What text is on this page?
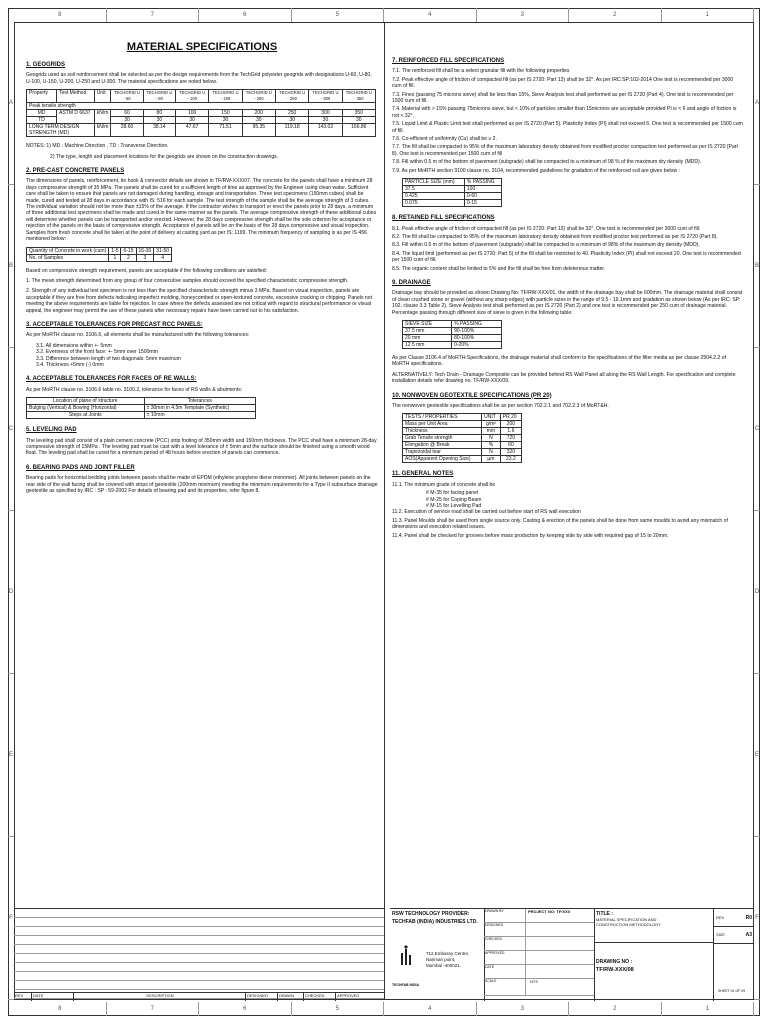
8	7	6	5	4	3	2	1
8	7	6	5	4	3	2	1
A
B
C
D
E
F
A
B
C
D
E
F
MATERIAL SPECIFICATIONS
1. GEOGRIDS

Geogrids used as soil reinforcement shall be selected as per the design requirements from the TechGrid polyester geogrids with designations U-60, U-80, U-100, U-150, U-200, U-250 and U-300. The material specifications are noted below.

Property	Test Method	Unit	TECHGRID U - 60	TECHGRID U - 80	TECHGRID U - 100	TECHGRID U - 150	TECHGRID U - 200	TECHGRID U - 250	TECHGRID U - 300	TECHGRID U - 350
Peak tensile strength										
MD	ASTM D 6637	kN/m	60	80	100	150	200	250	300	350
TD			30	30	30	30	30	30	30	30
LONG TERM DESIGN STRENGTH (MD)		kN/m	28.60	38.14	47.67	71.51	95.35	119.18	143.02	166.86

NOTES: 1) MD : Machine Direction , TD : Transverse Direction.

2) The type, length and placement locations for the geogrids are shown on the construction drawings.

2. PRE-CAST CONCRETE PANELS

The dimensions of panels, reinforcement, tie hook & connector details are shown in TF/RW-XXX/07. The concrete for the panels shall have a minimum 28 days compressive strength of 35 MPa. The panels shall be cured for a sufficient length of time as approved by the Engineer using clean water. Sufficient care shall be taken to ensure that panels are not damaged during handling, storage and transportation. Three test specimens (150mm cubes) shall be made, cured and tested at 28 days in accordance with IS: 516 for each sample. The test strength of the sample shall be the average strength of 3 cubes. The individual variation should not be more than ±15% of the average. If the contractor wishes to transport or erect the panels prior to 28 days, a minimum of three additional test specimens shall be made and cured in the same manner as the panels. The average compressive strength of these additional cubes will determine whether panels can be transported and/or erected. However, the 28 days compressive strength shall be the sole criterion for acceptance or rejection of the panels on the basis of compressive strength. Acceptance of panels will be on the basis of the 28 days compressive and visual inspection. Samples from fresh concrete shall be taken at the point of delivery at casting yard as per IS: 1199. The minimum frequency of sampling is as per IS 456 mentioned below:

Quantity of Concrete in work (cum)	1-5	6-15	16-30	31-50
No. of Samples	1	2	3	4

Based on compressive strength requirement, panels are acceptable if the following conditions are satisfied:

1. The mean strength determined from any group of four consecutive samples should exceed the specified characteristic compressive strength.

2. Strength of any individual test specimen is not less than the specified characteristic strength minus 3 MPa. Based on visual inspection, panels are acceptable if they are free from defects indicating imperfect molding, honeycombed or open-textured concrete, excessive cracking or chipping. Panels not meeting the above requirements are liable for rejection. In case where the defects assessed are not critical with regard to structural performance or visual appeal, the engineer may permit the use of these panels after necessary repairs have been carried out to his satisfaction.

3. ACCEPTABLE TOLERANCES FOR PRECAST RCC PANELS:

As per MoRTH clause no. 3106.6, all elements shall be manufactured with the following tolerances:

3.1. All dimensions within +- 5mm

3.2. Evenness of the front face: +- 5mm over 1500mm

3.3. Difference between length of two diagonals: 5mm maximum

3.4. Thickness +5mm (-) 0mm

4. ACCEPTABLE TOLERANCES FOR FACES OF RE WALLS:

As per MoRTH clause no. 3106.6 table no. 3100.2, tolerance for faces of RS walls & abutments:

Location of plane of structure	Tolerances
Bulging (Vertical) & Bowing (Horizontal)	± 30mm in 4.5m Template (Synthetic)
Steps at Joints	± 10mm
5. LEVELING PAD

The leveling pad shall consist of a plain cement concrete (PCC) strip footing of 350mm width and 150mm thickness. The PCC shall have a minimum 28-day compressive strength of 15MPa . The leveling pad must be cast with a level tolerance of ± 5mm and the surface should be finished using a smooth wood float. The leveling pad shall be cured for a minimum period of 48 hours before erection of panels can commence.

6. BEARING PADS AND JOINT FILLER

Bearing pads for horizontal bedding joints between panels shall be made of EPDM (ethylene propylene diene monomer). All joints between panels on the rear side of the wall facing shall be covered with strips of geotextile (200mm minimum) meeting the minimum requirements for a Type II subsurface drainage geotextile as specified by IRC : SP : 59-2002 For details of bearing pad and its properties, refer figure 8.

7. REINFORCED FILL SPECIFICATIONS

7.1. The reinforced fill shall be a select granular fill with the following properties

7.2. Peak effective angle of friction of compacted fill (as per IS 2720: Part 13) shall be 32°. As per IRC:SP:102-2014 One test is recommended per 3000 cum of fill.

7.3. Fines (passing 75 microns sieve) shall be less than 15%, Sieve Analysis test shall performed as per IS 2720 (Part 4). One test is recommended per 1500 cum of fill.

7.4. Material with > 15% passing 75microns sieve, but < 10% of particles smaller than 15microns are acceptable provided PI is < 6 and angle of friction is not < 32°.

7.5. Liquid Limit & Plastic Limit test shall performed as per IS 2720 (Part 5). Plasticity Index (PI) shall not exceed 6. One test is recommended per 1500 cum of fill.

7.6. Co-efficient of uniformity (Cu) shall be ≥ 2.

7.7. The fill shall be compacted to 95% of the maximum laboratory density obtained from modified proctor compaction test performed as per IS 2720 (Part 8). One test is recommended per 1500 cum of fill

7.8. Fill within 0.5 m of the bottom of pavement (subgrade) shall be compacted to a minimum of 98 % of the maximum dry density (MDD).

7.9. As per MoRTH section 3100 clause no. 3104, recommended guidelines for gradation of the reinforced soil are given below :

PARTICLE SIZE (mm)	% PASSING
37.5	100
0.425	0-60
0.075	0-15
8. RETAINED FILL SPECIFICATIONS

8.1. Peak effective angle of friction of compacted fill (as per IS 2720: Part 13) shall be 32°. One test is recommended per 3000 cum of fill.

8.2. The fill shall be compacted to 95% of the maximum laboratory density obtained from modified proctor test performed as per IS 2720 (Part 8).

8.3. Fill within 0.5 m of the bottom of pavement (subgrade) shall be compacted to a minimum of 98% of the maximum dry density (MDD).

8.4. The liquid limit (performed as per IS 2720: Part 5) of the fill shall be restricted to 40. Plasticity Index (PI) shall not exceed 20. One test is recommended per 1500 cum of fill.

8.5. The organic content shall be limited to 5% and the fill shall be free from deleterious matter.

9. DRAINAGE

Drainage bay should be provided as shown Drawing No: TF/RW-XXX/01. the width of the drainage bay shall be 600mm. The drainage material shall consist of clean crushed stone or gravel (without any sharp edges) with particle sizes in the range of 9.5 - 19.1mm and gradation as shown below (As per IRC: SP: 102, clause 3.3 Table 2). Sieve Analysis test shall performed as per IS 2720 (Part 2) and one test is recommended per 250 cum of drainage material. Percentage passing through different size of sieve is given in the following table:

SIEVE SIZE	% PASSING
37.5 mm	90-100%
20 mm	80-100%
12.5 mm	0-20%

As per Clause 3106.4 of MoRTH Specifications, the drainage material shall conform to the specifications of the filter media as per clause 2504.2.2 of MoRTH specifications.

ALTERNATIVELY: Tech Drain - Drainage Composite can be provided behind RS Wall Panel all along the RS Wall Length. For specification and complete installation details refer drawing no. TF/RW-XXX/09.

10. NONWOVEN GEOTEXTILE SPECIFICATIONS (PR 20)

The nonwoven geotextile specifications shall be as per section 702.2.1 and 702.2.3 of MoRT&H.

TESTS / PROPERTIES	UNIT	PR 20
Mass per Unit Area	g/m²	200
Thickness	mm	1.6
Grab Tensile strength	N	720
Elongation @ Break	%	60
Trapezoidal tear	N	320
AOS(Apparent Opening Size)	µm	23.2
11. GENERAL NOTES

11.1. The minimum grade of concrete shall be

# M-35 for facing panel

# M-25 for Coping Beam

# M-15 for Levelling Pad

11.2. Execution of service road shall be carried out before start of RS wall execution

11.3. Panel Moulds shall be used from single source only. Casting & erection of the panels shall be done from same moulds to avoid any mismatch of dimensions and execution related issues.

11.4. Panel shall be checked for grooves before mass production by keeping side by side with required gap of 15 to 20mm.

REV	DATE	DESCRIPTION	DESIGNED	DRAWN	CHECKED	APPROVED
RSW TECHNOLOGY PROVIDER:
TECHFAB (INDIA) INDUSTRIES LTD.
TECHFAB INDIA
712,Embassy Centre,
Nariman point,
Mumbai -400021.
DRAWN BY	PROJECT NO: TF/XXX
DESIGNED
CHECKED
APPROVED
DATE
SCALE	NTS
TITLE :
MATERIAL SPECIFICATION AND
CONSTRUCTION METHODOLOGY
REV	R0
SIZE	A3
DRAWING NO :
TF/RW-XXX/08
SHEET 01 OF 09
